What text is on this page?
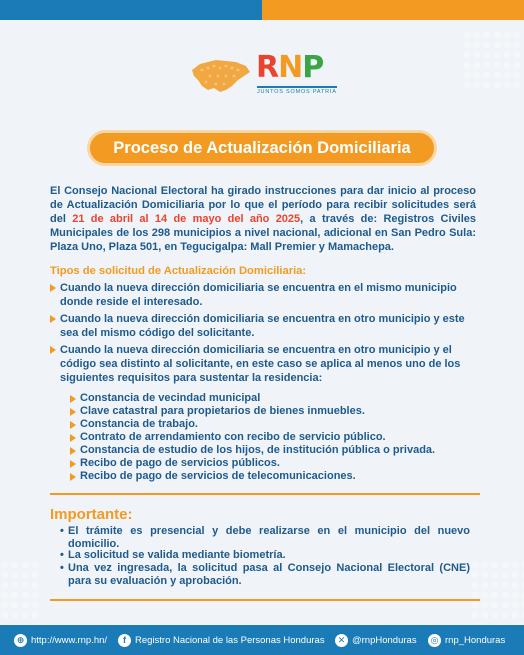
RNP
JUNTOS SOMOS PATRIA
Proceso de Actualización Domiciliaria

El Consejo Nacional Electoral ha girado instrucciones para dar inicio al proceso de Actualización Domiciliaria por lo que el período para recibir solicitudes será del 21 de abril al 14 de mayo del año 2025, a través de: Registros Civiles Municipales de los 298 municipios a nivel nacional, adicional en San Pedro Sula: Plaza Uno, Plaza 501, en Tegucigalpa: Mall Premier y Mamachepa.

Tipos de solicitud de Actualización Domiciliaria:
Cuando la nueva dirección domiciliaria se encuentra en el mismo municipio donde reside el interesado.
Cuando la nueva dirección domiciliaria se encuentra en otro municipio y este sea del mismo código del solicitante.
Cuando la nueva dirección domiciliaria se encuentra en otro municipio y el código sea distinto al solicitante, en este caso se aplica al menos uno de los siguientes requisitos para sustentar la residencia:
Constancia de vecindad municipal
Clave catastral para propietarios de bienes inmuebles.
Constancia de trabajo.
Contrato de arrendamiento con recibo de servicio público.
Constancia de estudio de los hijos, de institución pública o privada.
Recibo de pago de servicios públicos.
Recibo de pago de servicios de telecomunicaciones.
Importante:
• El trámite es presencial y debe realizarse en el municipio del nuevo domicilio.
• La solicitud se valida mediante biometría.
• Una vez ingresada, la solicitud pasa al Consejo Nacional Electoral (CNE) para su evaluación y aprobación.
⊕ http://www.rnp.hn/	f Registro Nacional de las Personas Honduras	✕ @rnpHonduras ◎ rnp_Honduras
